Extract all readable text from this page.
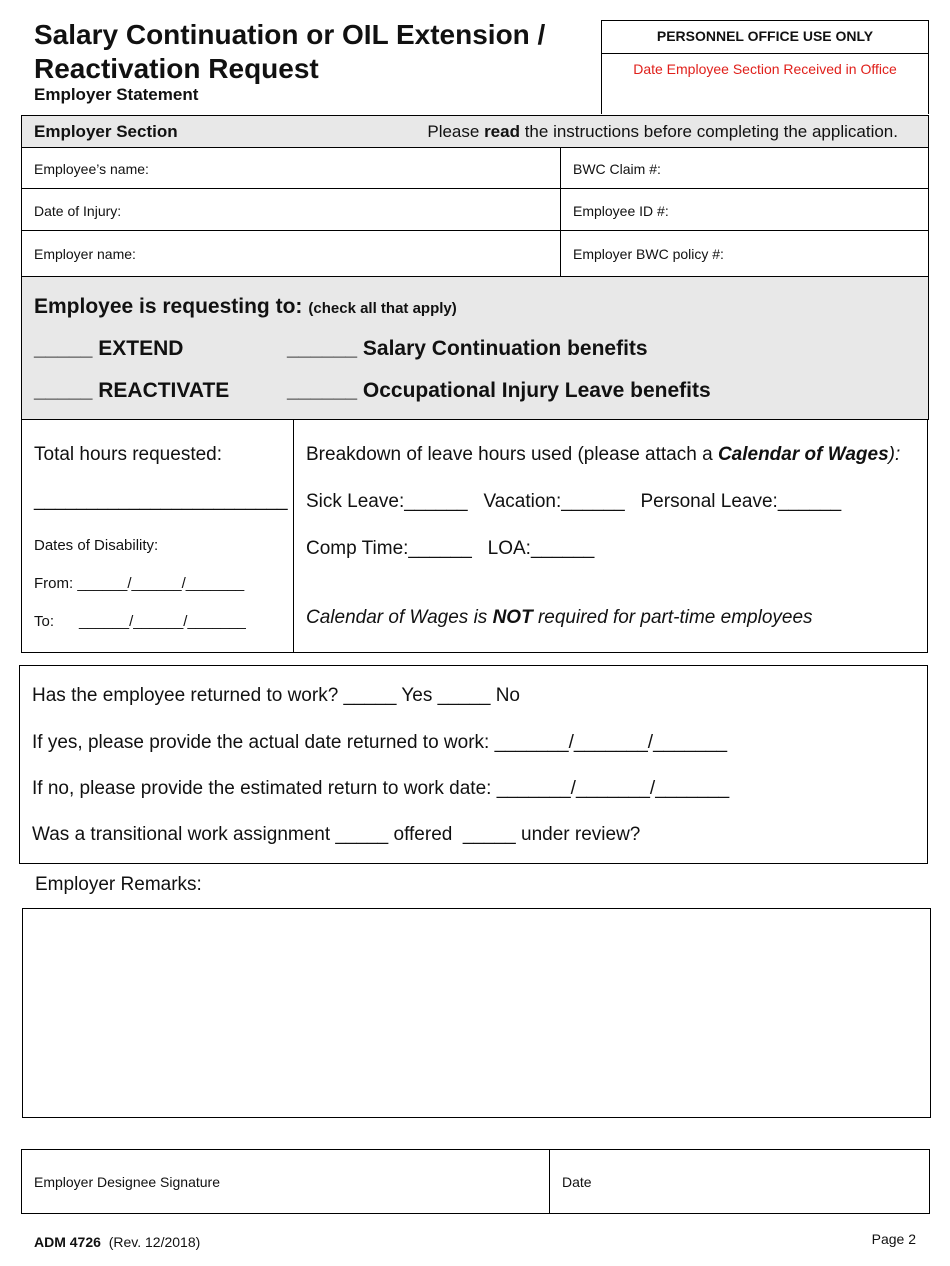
Salary Continuation or OIL Extension / Reactivation Request
Employer Statement
PERSONNEL OFFICE USE ONLY
Date Employee Section Received in Office
Employer Section	Please read the instructions before completing the application.
Employee’s name:	BWC Claim #:
Date of Injury:	Employee ID #:
Employer name:	Employer BWC policy #:
Employee is requesting to: (check all that apply)
_____ EXTEND	______ Salary Continuation benefits
_____ REACTIVATE	______ Occupational Injury Leave benefits
Total hours requested:
________________________
Dates of Disability:
From: ______/______/_______
To: ______/______/_______
Breakdown of leave hours used (please attach a Calendar of Wages):
Sick Leave:______   Vacation:______   Personal Leave:______
Comp Time:______   LOA:______
Calendar of Wages is NOT required for part-time employees
Has the employee returned to work? _____ Yes _____ No
If yes, please provide the actual date returned to work: _______/_______/_______
If no, please provide the estimated return to work date: _______/_______/_______
Was a transitional work assignment _____ offered  _____ under review?
Employer Remarks:
Employer Designee Signature	Date
ADM 4726 (Rev. 12/2018)	Page 2
